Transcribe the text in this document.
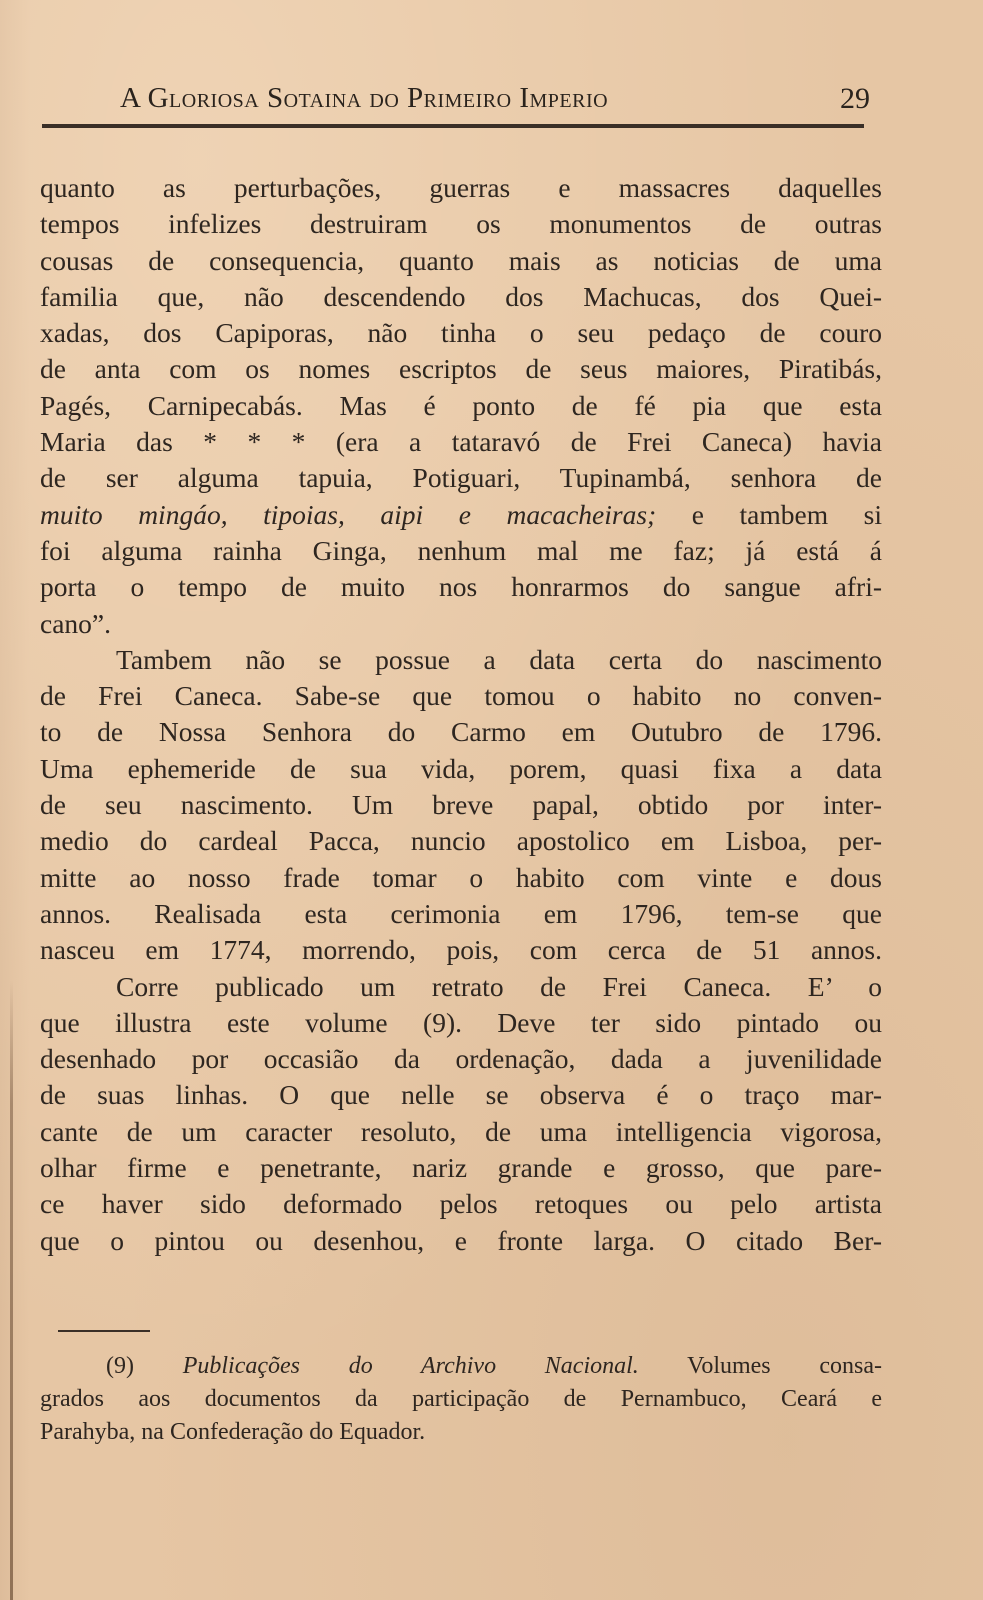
A Gloriosa Sotaina do Primeiro Imperio	29
quanto as perturbações, guerras e massacres daquelles
tempos infelizes destruiram os monumentos de outras
cousas de consequencia, quanto mais as noticias de uma
familia que, não descendendo dos Machucas, dos Quei-
xadas, dos Capiporas, não tinha o seu pedaço de couro
de anta com os nomes escriptos de seus maiores, Piratibás,
Pagés, Carnipecabás. Mas é ponto de fé pia que esta
Maria das * * * (era a tataravó de Frei Caneca) havia
de ser alguma tapuia, Potiguari, Tupinambá, senhora de
muito mingáo, tipoias, aipi e macacheiras; e tambem si
foi alguma rainha Ginga, nenhum mal me faz; já está á
porta o tempo de muito nos honrarmos do sangue afri-
cano”.
Tambem não se possue a data certa do nascimento
de Frei Caneca. Sabe-se que tomou o habito no conven-
to de Nossa Senhora do Carmo em Outubro de 1796.
Uma ephemeride de sua vida, porem, quasi fixa a data
de seu nascimento. Um breve papal, obtido por inter-
medio do cardeal Pacca, nuncio apostolico em Lisboa, per-
mitte ao nosso frade tomar o habito com vinte e dous
annos. Realisada esta cerimonia em 1796, tem-se que
nasceu em 1774, morrendo, pois, com cerca de 51 annos.
Corre publicado um retrato de Frei Caneca. E’ o
que illustra este volume (9). Deve ter sido pintado ou
desenhado por occasião da ordenação, dada a juvenilidade
de suas linhas. O que nelle se observa é o traço mar-
cante de um caracter resoluto, de uma intelligencia vigorosa,
olhar firme e penetrante, nariz grande e grosso, que pare-
ce haver sido deformado pelos retoques ou pelo artista
que o pintou ou desenhou, e fronte larga. O citado Ber-
(9) Publicações do Archivo Nacional. Volumes consa-
grados aos documentos da participação de Pernambuco, Ceará e
Parahyba, na Confederação do Equador.
